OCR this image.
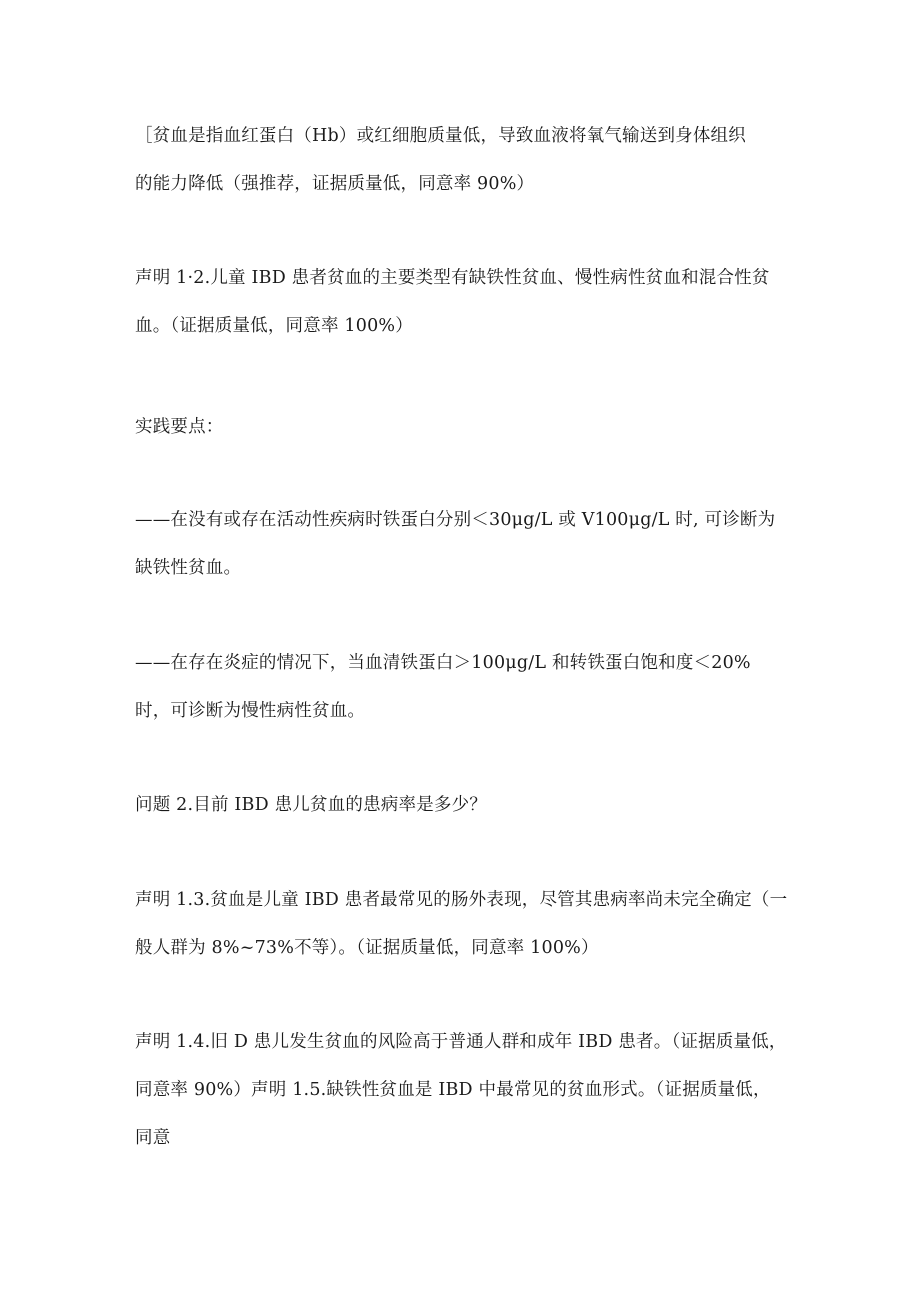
［贫血是指血红蛋白（Hb）或红细胞质量低，导致血液将氧气输送到身体组织
的能力降低（强推荐，证据质量低，同意率 90%）
声明 1·2.儿童 IBD 患者贫血的主要类型有缺铁性贫血、慢性病性贫血和混合性贫
血。（证据质量低，同意率 100%）
实践要点：
——在没有或存在活动性疾病时铁蛋白分别＜30μg∕L 或 V100μg∕L 时, 可诊断为
缺铁性贫血。
——在存在炎症的情况下，当血清铁蛋白＞100μg∕L 和转铁蛋白饱和度＜20%
时，可诊断为慢性病性贫血。
问题 2.目前 IBD 患儿贫血的患病率是多少？
声明 1.3.贫血是儿童 IBD 患者最常见的肠外表现，尽管其患病率尚未完全确定（一
般人群为 8%~73%不等）。（证据质量低，同意率 100%）
声明 1.4.旧 D 患儿发生贫血的风险高于普通人群和成年 IBD 患者。（证据质量低，
同意率 90%）声明 1.5.缺铁性贫血是 IBD 中最常见的贫血形式。（证据质量低，
同意
